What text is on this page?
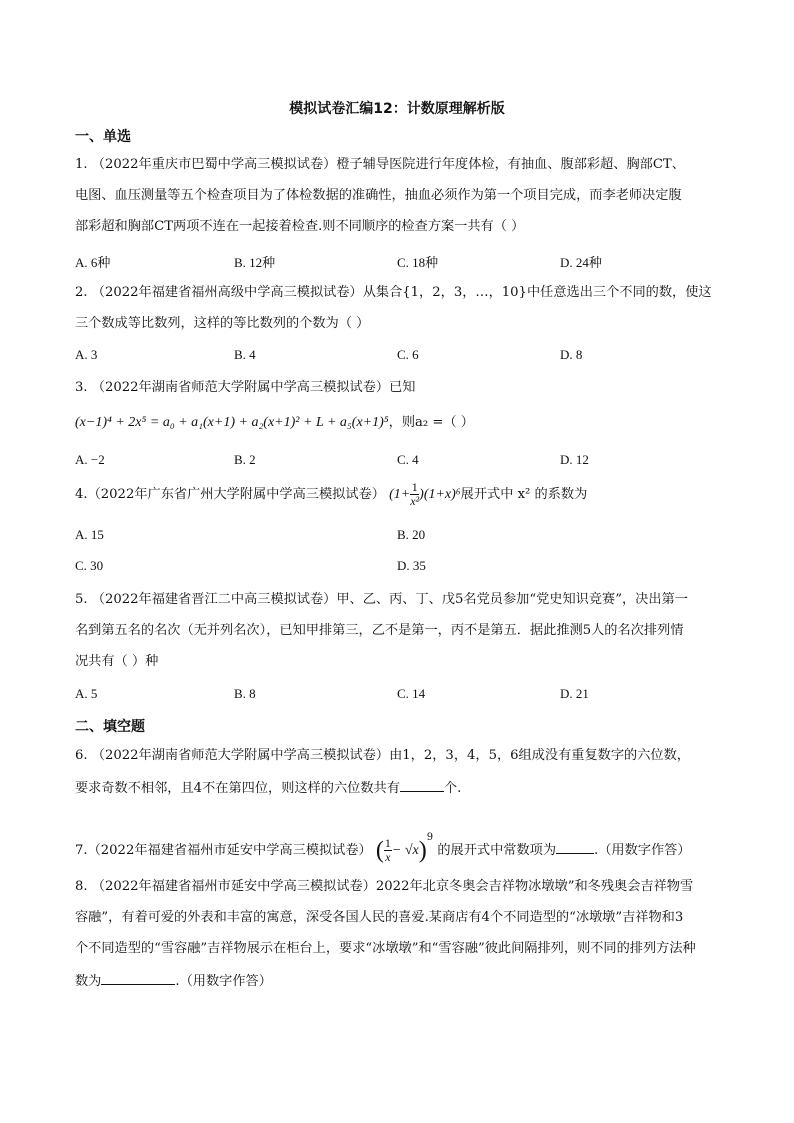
模拟试卷汇编12：计数原理解析版
一、单选
1. （2022年重庆市巴蜀中学高三模拟试卷）橙子辅导医院进行年度体检，有抽血、腹部彩超、胸部CT、
电图、血压测量等五个检查项目为了体检数据的准确性，抽血必须作为第一个项目完成，而李老师决定腹
部彩超和胸部CT两项不连在一起接着检查.则不同顺序的检查方案一共有（ ）
A. 6种	B. 12种	C. 18种	D. 24种
2. （2022年福建省福州高级中学高三模拟试卷）从集合{1，2，3，…，10}中任意选出三个不同的数，使这
三个数成等比数列，这样的等比数列的个数为（ ）
A. 3	B. 4	C. 6	D. 8
3. （2022年湖南省师范大学附属中学高三模拟试卷）已知
(x−1)⁴ + 2x⁵ = a₀ + a₁(x+1) + a₂(x+1)² + L + a₅(x+1)⁵，则a₂ =（ ）
A. −2	B. 2	C. 4	D. 12
4.（2022年广东省广州大学附属中学高三模拟试卷） $(1+ \frac{1}{\text{x²}} )(1+x)^6$展开式中 x² 的系数为
A. 15	B. 20
C. 30	D. 35
5. （2022年福建省晋江二中高三模拟试卷）甲、乙、丙、丁、戊5名党员参加“党史知识竞赛”，决出第一
名到第五名的名次（无并列名次），已知甲排第三，乙不是第一，丙不是第五．据此推测5人的名次排列情
况共有（ ）种
A. 5	B. 8	C. 14	D. 21
二、填空题
6. （2022年湖南省师范大学附属中学高三模拟试卷）由1，2，3，4，5，6组成没有重复数字的六位数，
要求奇数不相邻，且4不在第四位，则这样的六位数共有	个.
7.（2022年福建省福州市延安中学高三模拟试卷） ( $\frac{1}{x} - √x)^9$ 的展开式中常数项为	.（用数字作答）
8. （2022年福建省福州市延安中学高三模拟试卷）2022年北京冬奥会吉祥物冰墩墩”和冬残奥会吉祥物雪
容融”，有着可爱的外表和丰富的寓意，深受各国人民的喜爱.某商店有4个不同造型的“冰墩墩”吉祥物和3
个不同造型的“雪容融”吉祥物展示在柜台上，要求“冰墩墩”和“雪容融”彼此间隔排列，则不同的排列方法种
数为	.（用数字作答）
